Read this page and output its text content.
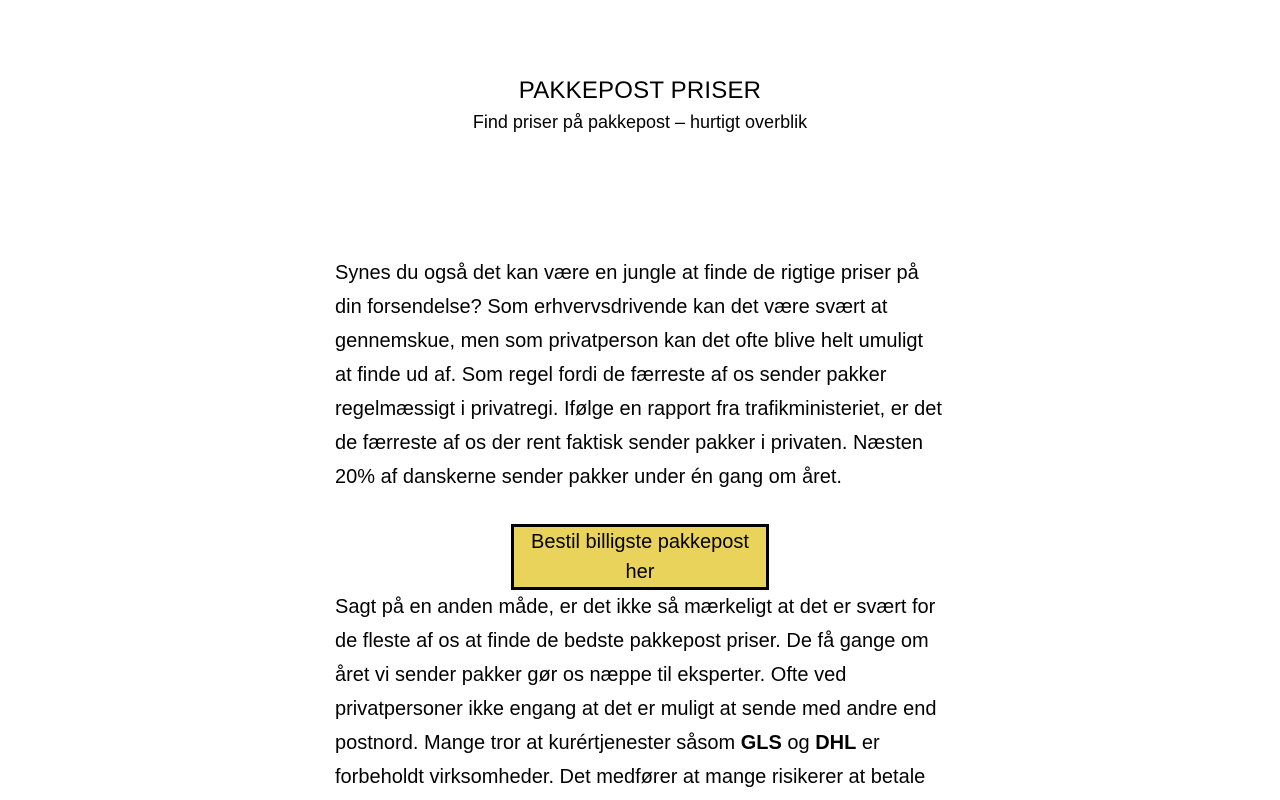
PAKKEPOST PRISER

Find priser på pakkepost – hurtigt overblik

Synes du også det kan være en jungle at finde de rigtige priser på din forsendelse? Som erhvervsdrivende kan det være svært at gennemskue, men som privatperson kan det ofte blive helt umuligt at finde ud af. Som regel fordi de færreste af os sender pakker regelmæssigt i privatregi. Ifølge en rapport fra trafikministeriet, er det de færreste af os der rent faktisk sender pakker i privaten. Næsten 20% af danskerne sender pakker under én gang om året.

Bestil billigste pakkepost her

Sagt på en anden måde, er det ikke så mærkeligt at det er svært for de fleste af os at finde de bedste pakkepost priser. De få gange om året vi sender pakker gør os næppe til eksperter. Ofte ved privatpersoner ikke engang at det er muligt at sende med andre end postnord. Mange tror at kurértjenester såsom GLS og DHL er forbeholdt virksomheder. Det medfører at mange risikerer at betale
